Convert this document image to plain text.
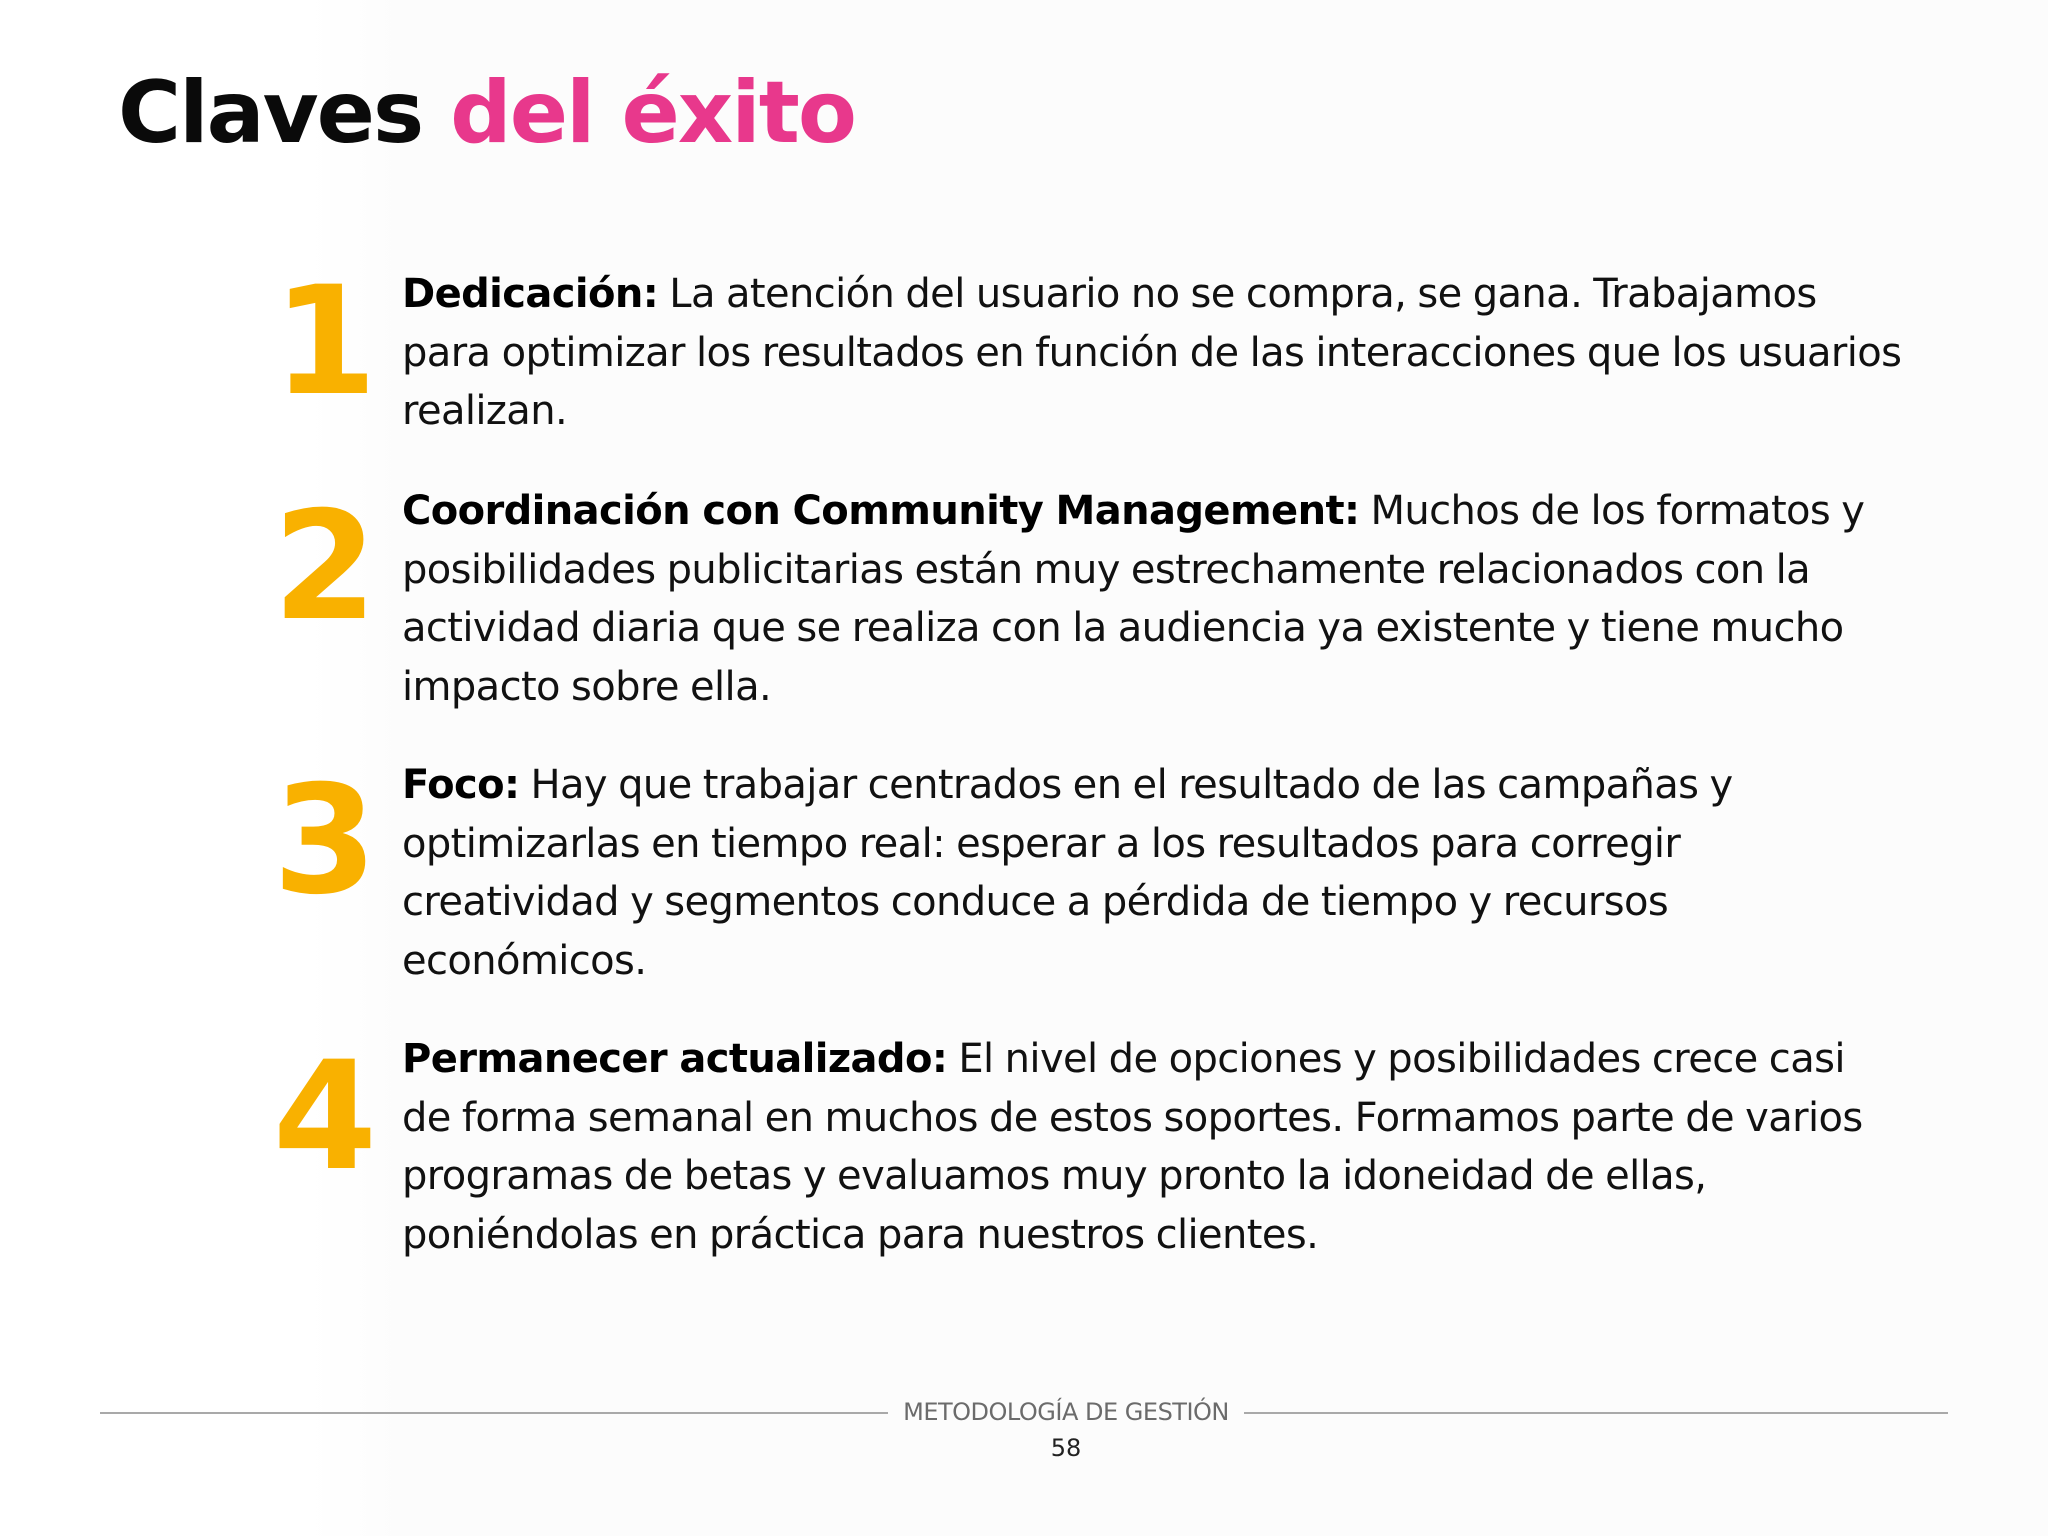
Claves del éxito
1 Dedicación: La atención del usuario no se compra, se gana. Trabajamos para optimizar los resultados en función de las interacciones que los usuarios realizan.

2 Coordinación con Community Management: Muchos de los formatos y posibilidades publicitarias están muy estrechamente relacionados con la actividad diaria que se realiza con la audiencia ya existente y tiene mucho impacto sobre ella.

3 Foco: Hay que trabajar centrados en el resultado de las campañas y optimizarlas en tiempo real: esperar a los resultados para corregir creatividad y segmentos conduce a pérdida de tiempo y recursos económicos.

4 Permanecer actualizado: El nivel de opciones y posibilidades crece casi de forma semanal en muchos de estos soportes. Formamos parte de varios programas de betas y evaluamos muy pronto la idoneidad de ellas, poniéndolas en práctica para nuestros clientes.

METODOLOGÍA DE GESTIÓN
58
